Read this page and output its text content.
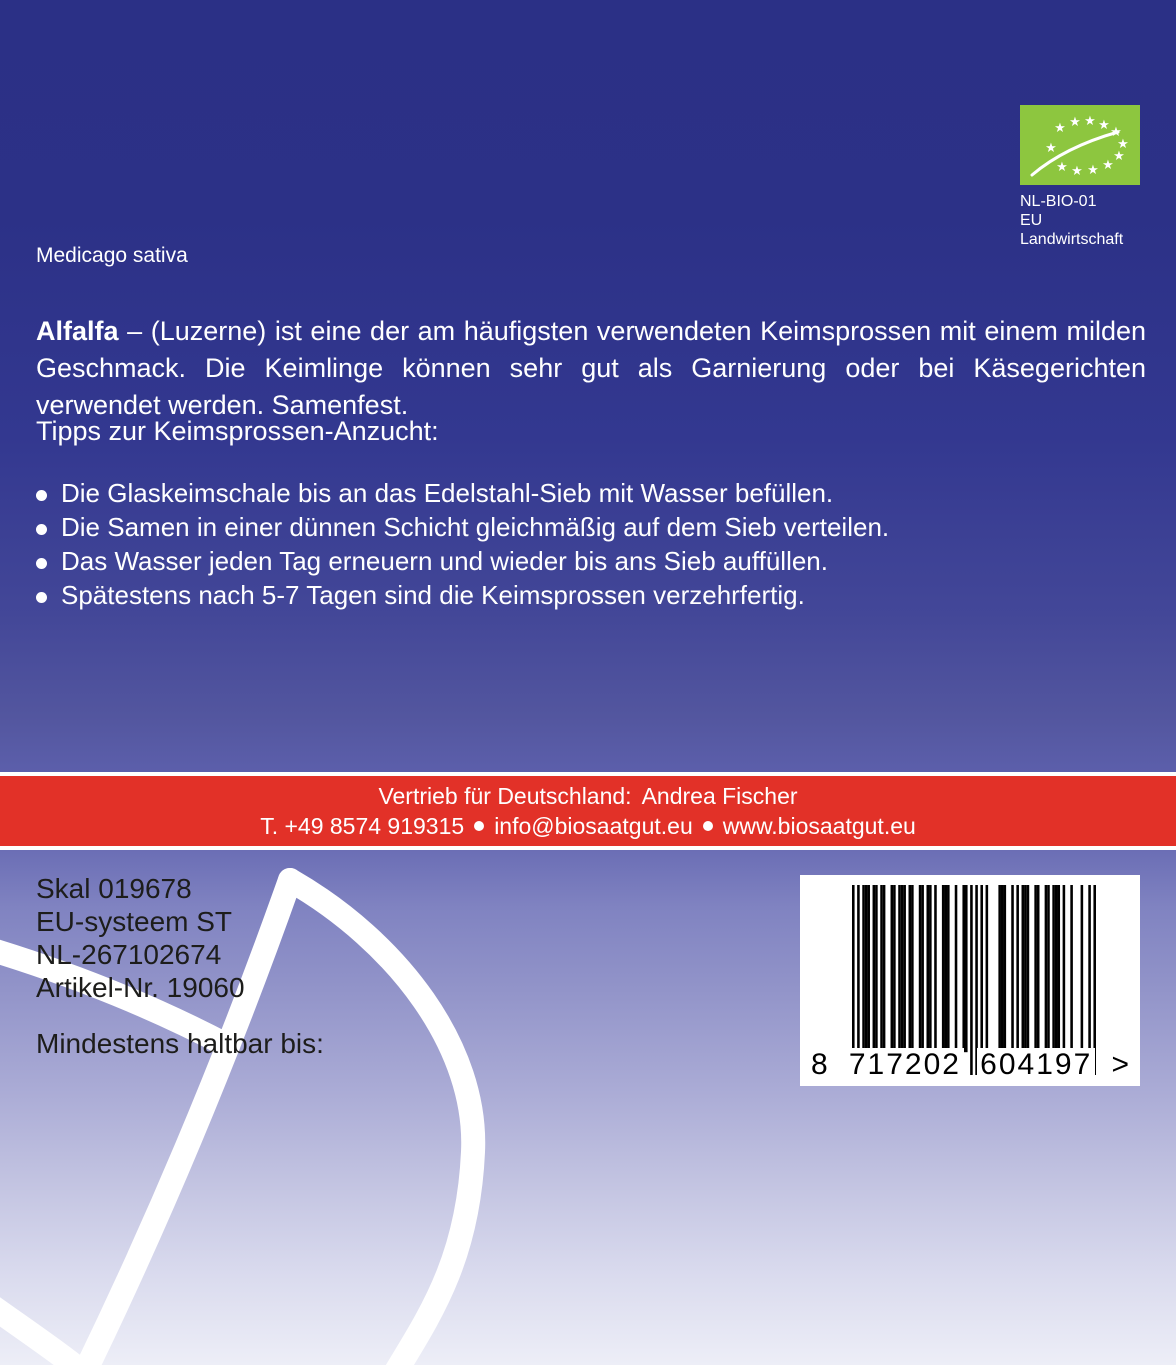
★ ★ ★ ★ ★
★
★
★
★
★
★
★
NL-BIO-01
EU Landwirtschaft
Medicago sativa

Alfalfa – (Luzerne) ist eine der am häufigsten verwendeten Keimsprossen mit einem milden Geschmack. Die Keimlinge können sehr gut als Garnierung oder bei Käsegerichten verwendet werden. Samenfest.

Tipps zur Keimsprossen-Anzucht:
Die Glaskeimschale bis an das Edelstahl-Sieb mit Wasser befüllen.
Die Samen in einer dünnen Schicht gleichmäßig auf dem Sieb verteilen.
Das Wasser jeden Tag erneuern und wieder bis ans Sieb auffüllen.
Spätestens nach 5-7 Tagen sind die Keimsprossen verzehrfertig.
Vertrieb für Deutschland: Andrea Fischer
T. +49 8574 919315 info@biosaatgut.eu www.biosaatgut.eu
Skal 019678
EU-systeem ST
NL-267102674
Artikel-Nr. 19060
Mindestens haltbar bis:
8 717202 604197 >
